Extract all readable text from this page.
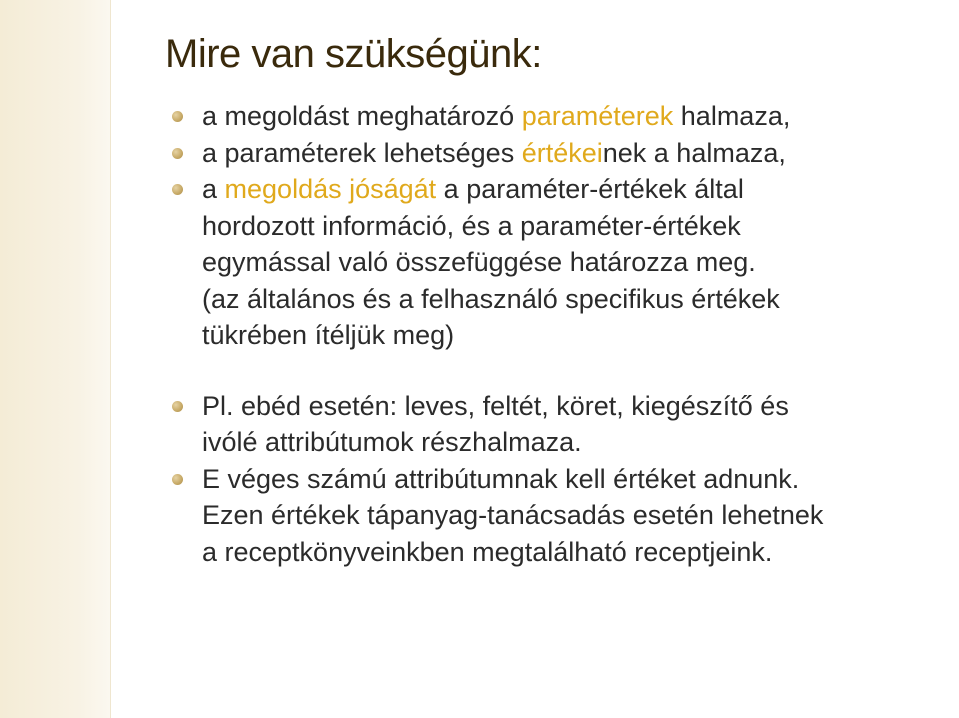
Mire van szükségünk:
a megoldást meghatározó paraméterek halmaza,
a paraméterek lehetséges értékeinek a halmaza,
a megoldás jóságát a paraméter-értékek által
hordozott információ, és a paraméter-értékek
egymással való összefüggése határozza meg.
(az általános és a felhasználó specifikus értékek
tükrében ítéljük meg)
Pl. ebéd esetén: leves, feltét, köret, kiegészítő és
ivólé attribútumok részhalmaza.
E véges számú attribútumnak kell értéket adnunk.
Ezen értékek tápanyag-tanácsadás esetén lehetnek
a receptkönyveinkben megtalálható receptjeink.
